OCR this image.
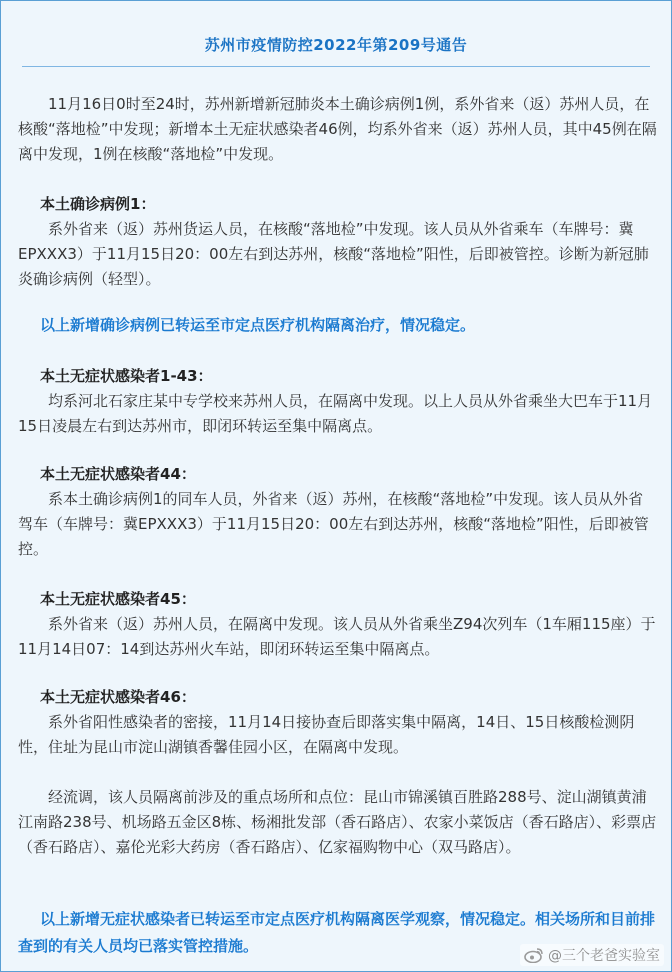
苏州市疫情防控2022年第209号通告
11月16日0时至24时，苏州新增新冠肺炎本土确诊病例1例，系外省来（返）苏州人员，在核酸“落地检”中发现；新增本土无症状感染者46例，均系外省来（返）苏州人员，其中45例在隔离中发现，1例在核酸“落地检”中发现。
本土确诊病例1：
系外省来（返）苏州货运人员，在核酸“落地检”中发现。该人员从外省乘车（车牌号：冀EPXXX3）于11月15日20：00左右到达苏州，核酸“落地检”阳性，后即被管控。诊断为新冠肺炎确诊病例（轻型）。
以上新增确诊病例已转运至市定点医疗机构隔离治疗，情况稳定。
本土无症状感染者1-43：
均系河北石家庄某中专学校来苏州人员，在隔离中发现。以上人员从外省乘坐大巴车于11月15日凌晨左右到达苏州市，即闭环转运至集中隔离点。
本土无症状感染者44：
系本土确诊病例1的同车人员，外省来（返）苏州，在核酸“落地检”中发现。该人员从外省驾车（车牌号：冀EPXXX3）于11月15日20：00左右到达苏州，核酸“落地检”阳性，后即被管控。
本土无症状感染者45：
系外省来（返）苏州人员，在隔离中发现。该人员从外省乘坐Z94次列车（1车厢115座）于11月14日07：14到达苏州火车站，即闭环转运至集中隔离点。
本土无症状感染者46：
系外省阳性感染者的密接，11月14日接协查后即落实集中隔离，14日、15日核酸检测阴性，住址为昆山市淀山湖镇香馨佳园小区，在隔离中发现。
经流调，该人员隔离前涉及的重点场所和点位：昆山市锦溪镇百胜路288号、淀山湖镇黄浦江南路238号、机场路五金区8栋、杨湘批发部（香石路店）、农家小菜饭店（香石路店）、彩票店（香石路店）、嘉伦光彩大药房（香石路店）、亿家福购物中心（双马路店）。
以上新增无症状感染者已转运至市定点医疗机构隔离医学观察，情况稳定。相关场所和目前排查到的有关人员均已落实管控措施。
@三个老爸实验室
